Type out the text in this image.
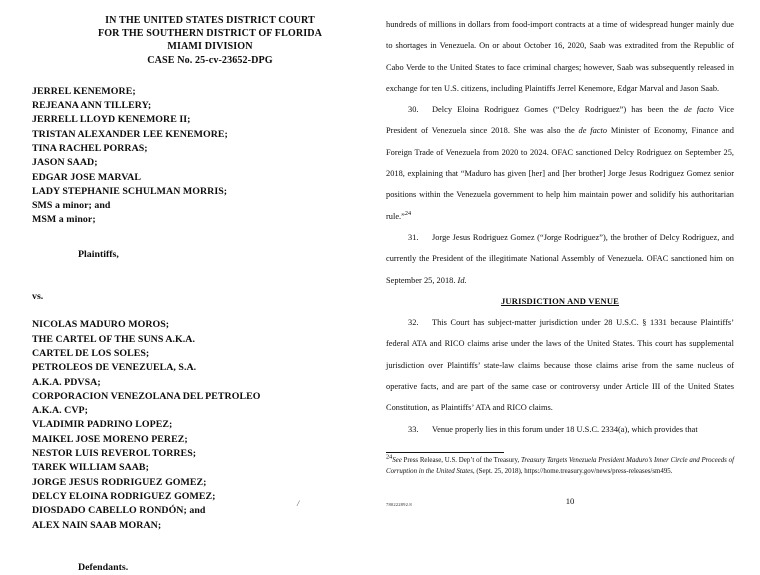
IN THE UNITED STATES DISTRICT COURT
FOR THE SOUTHERN DISTRICT OF FLORIDA
MIAMI DIVISION
CASE No. 25-cv-23652-DPG
JERREL KENEMORE;
REJEANA ANN TILLERY;
JERRELL LLOYD KENEMORE II;
TRISTAN ALEXANDER LEE KENEMORE;
TINA RACHEL PORRAS;
JASON SAAD;
EDGAR JOSE MARVAL
LADY STEPHANIE SCHULMAN MORRIS;
SMS a minor; and
MSM a minor;
Plaintiffs,
vs.
NICOLAS MADURO MOROS;
THE CARTEL OF THE SUNS A.K.A.
CARTEL DE LOS SOLES;
PETROLEOS DE VENEZUELA, S.A.
A.K.A. PDVSA;
CORPORACION VENEZOLANA DEL PETROLEO
A.K.A. CVP;
VLADIMIR PADRINO LOPEZ;
MAIKEL JOSE MORENO PEREZ;
NESTOR LUIS REVEROL TORRES;
TAREK WILLIAM SAAB;
JORGE JESUS RODRIGUEZ GOMEZ;
DELCY ELOINA RODRIGUEZ GOMEZ;
DIOSDADO CABELLO RONDÓN; and
ALEX NAIN SAAB MORAN;
Defendants.
/

hundreds of millions in dollars from food-import contracts at a time of widespread hunger mainly due to shortages in Venezuela. On or about October 16, 2020, Saab was extradited from the Republic of Cabo Verde to the United States to face criminal charges; however, Saab was subsequently released in exchange for ten U.S. citizens, including Plaintiffs Jerrel Kenemore, Edgar Marval and Jason Saab.

30. Delcy Eloina Rodriguez Gomes (“Delcy Rodriguez”) has been the de facto Vice President of Venezuela since 2018. She was also the de facto Minister of Economy, Finance and Foreign Trade of Venezuela from 2020 to 2024. OFAC sanctioned Delcy Rodriguez on September 25, 2018, explaining that “Maduro has given [her] and [her brother] Jorge Jesus Rodriguez Gomez senior positions within the Venezuela government to help him maintain power and solidify his authoritarian rule.”$^{24}$

31. Jorge Jesus Rodriguez Gomez (“Jorge Rodriguez”), the brother of Delcy Rodriguez, and currently the President of the illegitimate National Assembly of Venezuela. OFAC sanctioned him on September 25, 2018. Id.

JURISDICTION AND VENUE

32. This Court has subject-matter jurisdiction under 28 U.S.C. § 1331 because Plaintiffs’ federal ATA and RICO claims arise under the laws of the United States. This court has supplemental jurisdiction over Plaintiffs’ state-law claims because those claims arise from the same nucleus of operative facts, and are part of the same case or controversy under Article III of the United States Constitution, as Plaintiffs’ ATA and RICO claims.

33. Venue properly lies in this forum under 18 U.S.C. 2334(a), which provides that

$^{24}$See Press Release, U.S. Dep’t of the Treasury, Treasury Targets Venezuela President Maduro’s Inner Circle and Proceeds of Corruption in the United States, (Sept. 25, 2018), https://home.treasury.gov/news/press-releases/sm495.

10
780222892.8
